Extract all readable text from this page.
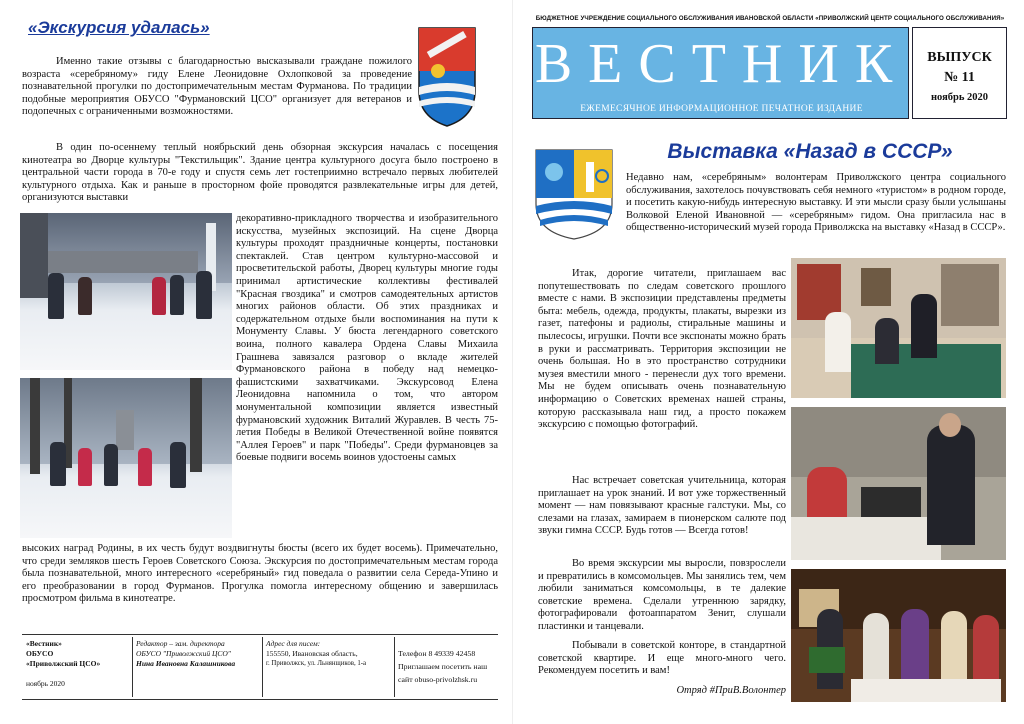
«Экскурсия удалась»

Именно такие отзывы с благодарностью высказывали граждане пожилого возраста «серебряному» гиду Елене Леонидовне Охлопковой за проведение познавательной прогулки по достопримечательным местам Фурманова. По традиции подобные мероприятия ОБУСО "Фурмановский ЦСО" организует для ветеранов и подопечных с ограниченными возможностями.

В один по-осеннему теплый ноябрьский день обзорная экскурсия началась с посещения кинотеатра во Дворце культуры "Текстильщик". Здание центра культурного досуга было построено в центральной части города в 70-е году и спустя семь лет гостеприимно встречало первых любителей культурного отдыха. Как и раньше в просторном фойе проводятся развлекательные игры для детей, организуются выставки

декоративно-прикладного творчества и изобразительного искусства, музейных экспозиций. На сцене Дворца культуры проходят праздничные концерты, постановки спектаклей. Став центром культурно-массовой и просветительской работы, Дворец культуры многие годы принимал артистические коллективы фестивалей "Красная гвоздика" и смотров самодеятельных артистов многих районов области. Об этих праздниках и содержательном отдыхе были воспоминания на пути к Монументу Славы. У бюста легендарного советского воина, полного кавалера Ордена Славы Михаила Грашнева завязался разговор о вкладе жителей Фурмановского района в победу над немецко-фашистскими захватчиками. Экскурсовод Елена Леонидовна напомнила о том, что автором монументальной композиции является известный фурмановский художник Виталий Журавлев. В честь 75-летия Победы в Великой Отечественной войне появятся "Аллея Героев" и парк "Победы". Среди фурмановцев за боевые подвиги восемь воинов удостоены самых

высоких наград Родины, в их честь будут воздвигнуты бюсты (всего их будет восемь). Примечательно, что среди земляков шесть Героев Советского Союза. Экскурсия по достопримечательным местам города была познавательной, много интересного «серебряный» гид поведала о развитии села Середа-Упино и его преобразовании в город Фурманов. Прогулка помогла интересному общению и завершилась просмотром фильма в кинотеатре.

«Вестник»
ОБУСО
«Приволжский ЦСО»

ноябрь 2020
Редактор – зам. директора
ОБУСО "Приволжский ЦСО"
Нина Ивановна Калашникова
Адрес для писем:
155550, Ивановская область,
г. Приволжск, ул. Льнянщиков, 1-а
Телефон 8 49339 42458
Приглашаем посетить наш
сайт obuso-privolzhsk.ru
БЮДЖЕТНОЕ УЧРЕЖДЕНИЕ СОЦИАЛЬНОГО ОБСЛУЖИВАНИЯ ИВАНОВСКОЙ ОБЛАСТИ «ПРИВОЛЖСКИЙ ЦЕНТР СОЦИАЛЬНОГО ОБСЛУЖИВАНИЯ»
ВЕСТНИК
ЕЖЕМЕСЯЧНОЕ ИНФОРМАЦИОННОЕ ПЕЧАТНОЕ ИЗДАНИЕ
ВЫПУСК
№ 11
ноябрь 2020
Выставка «Назад в СССР»

Недавно нам, «серебряным» волонтерам Приволжского центра социального обслуживания, захотелось почувствовать себя немного «туристом» в родном городе, и посетить какую-нибудь интересную выставку. И эти мысли сразу были услышаны Волковой Еленой Ивановной — «серебряным» гидом. Она пригласила нас в общественно-исторический музей города Приволжска на выставку «Назад в СССР».

Итак, дорогие читатели, приглашаем вас попутешествовать по следам советского прошлого вместе с нами. В экспозиции представлены предметы быта: мебель, одежда, продукты, плакаты, вырезки из газет, патефоны и радиолы, стиральные машины и пылесосы, игрушки. Почти все экспонаты можно брать в руки и рассматривать. Территория экспозиции не очень большая. Но в это пространство сотрудники музея вместили много - перенесли дух того времени. Мы не будем описывать очень познавательную информацию о Советских временах нашей страны, которую рассказывала наш гид, а просто покажем экскурсию с помощью фотографий.

Нас встречает советская учительница, которая приглашает на урок знаний. И вот уже торжественный момент — нам повязывают красные галстуки. Мы, со слезами на глазах, замираем в пионерском салюте под звуки гимна СССР. Будь готов — Всегда готов!

Во время экскурсии мы выросли, повзрослели и превратились в комсомольцев. Мы занялись тем, чем любили заниматься комсомольцы, в те далекие советские времена. Сделали утреннюю зарядку, фотографировали фотоаппаратом Зенит, слушали пластинки и танцевали.

Побывали в советской конторе, в стандартной советской квартире. И еще много-много чего. Рекомендуем посетить и вам!

Отряд #ПриВ.Волонтер
